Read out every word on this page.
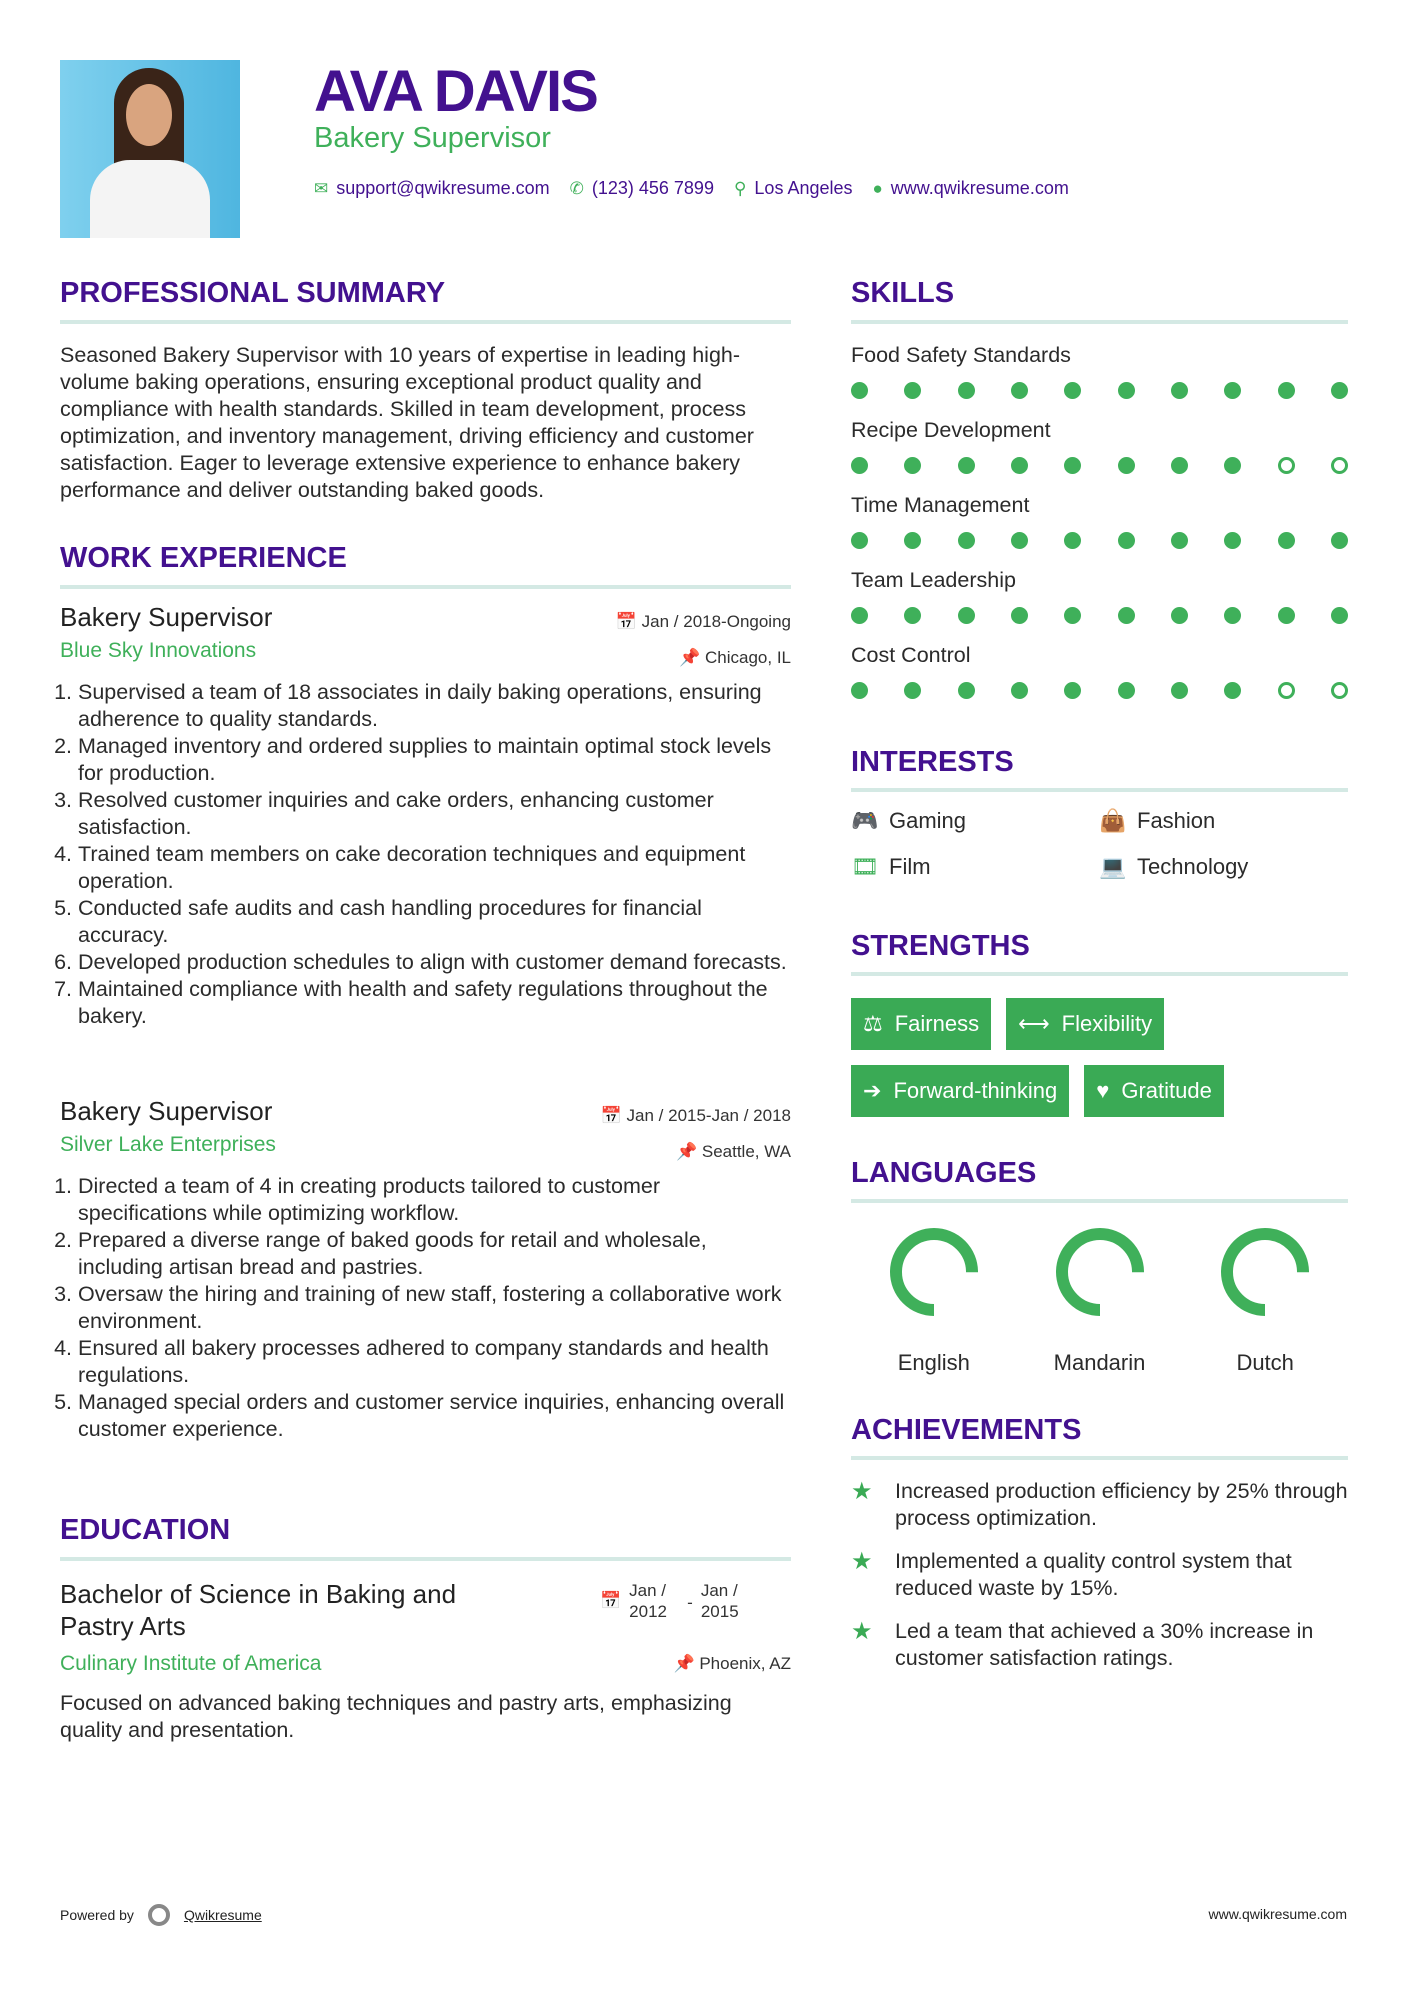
AVA DAVIS
Bakery Supervisor
✉ support@qwikresume.com ✆ (123) 456 7899 ⚲ Los Angeles ● www.qwikresume.com
PROFESSIONAL SUMMARY
Seasoned Bakery Supervisor with 10 years of expertise in leading high-volume baking operations, ensuring exceptional product quality and compliance with health standards. Skilled in team development, process optimization, and inventory management, driving efficiency and customer satisfaction. Eager to leverage extensive experience to enhance bakery performance and deliver outstanding baked goods.
WORK EXPERIENCE
Bakery Supervisor	📅 Jan / 2018-Ongoing
Blue Sky Innovations	📌 Chicago, IL
1. Supervised a team of 18 associates in daily baking operations, ensuring adherence to quality standards.
2. Managed inventory and ordered supplies to maintain optimal stock levels for production.
3. Resolved customer inquiries and cake orders, enhancing customer satisfaction.
4. Trained team members on cake decoration techniques and equipment operation.
5. Conducted safe audits and cash handling procedures for financial accuracy.
6. Developed production schedules to align with customer demand forecasts.
7. Maintained compliance with health and safety regulations throughout the bakery.
Bakery Supervisor	📅 Jan / 2015-Jan / 2018
Silver Lake Enterprises	📌 Seattle, WA
1. Directed a team of 4 in creating products tailored to customer specifications while optimizing workflow.
2. Prepared a diverse range of baked goods for retail and wholesale, including artisan bread and pastries.
3. Oversaw the hiring and training of new staff, fostering a collaborative work environment.
4. Ensured all bakery processes adhered to company standards and health regulations.
5. Managed special orders and customer service inquiries, enhancing overall customer experience.
EDUCATION
Bachelor of Science in Baking and Pastry Arts
📅
Jan / 2012	-
Jan / 2015
Culinary Institute of America	📌 Phoenix, AZ
Focused on advanced baking techniques and pastry arts, emphasizing quality and presentation.
SKILLS
Food Safety Standards
Recipe Development
Time Management
Team Leadership
Cost Control
INTERESTS
🎮 Gaming	👜 Fashion
🎞 Film	💻 Technology
STRENGTHS
⚖ Fairness ⟷ Flexibility
➔ Forward-thinking ♥ Gratitude
LANGUAGES
English	Mandarin	Dutch
ACHIEVEMENTS
★	Increased production efficiency by 25% through process optimization.
★	Implemented a quality control system that reduced waste by 15%.
★	Led a team that achieved a 30% increase in customer satisfaction ratings.
Powered by	Qwikresume	www.qwikresume.com
